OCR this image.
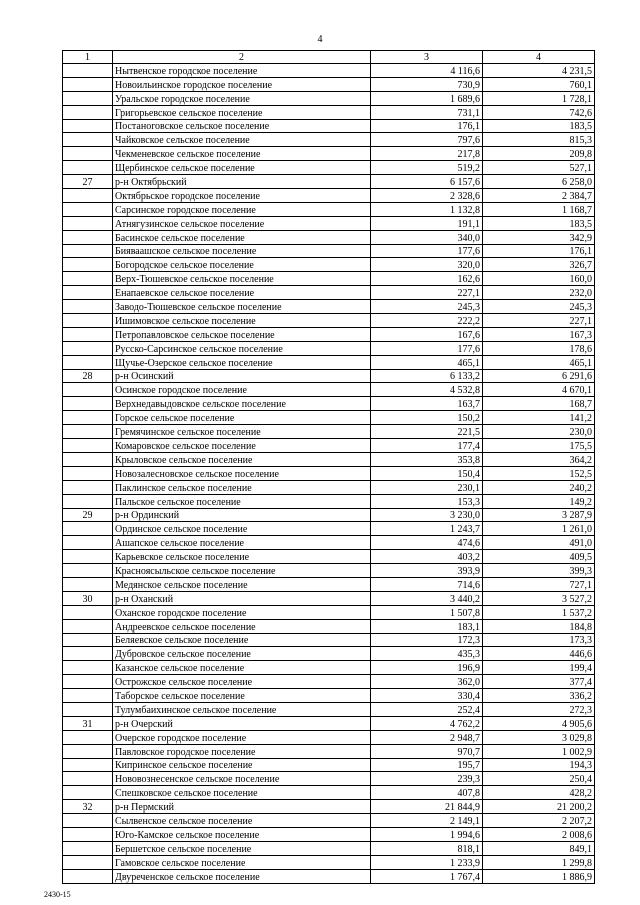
4
1	2	3	4
	Нытвенское городское поселение	4 116,6	4 231,5
	Новоильинское городское поселение	730,9	760,1
	Уральское городское поселение	1 689,6	1 728,1
	Григорьевское сельское поселение	731,1	742,6
	Постаноговское сельское поселение	176,1	183,5
	Чайковское сельское поселение	797,6	815,3
	Чекменевское сельское поселение	217,8	209,8
	Щербинское сельское поселение	519,2	527,1
27	р-н Октябрьский	6 157,6	6 258,0
	Октябрьское городское поселение	2 328,6	2 384,7
	Сарсинское городское поселение	1 132,8	1 168,7
	Атнягузинское сельское поселение	191,1	183,5
	Басинское сельское поселение	340,0	342,9
	Бияваашское сельское поселение	177,6	176,1
	Богородское сельское поселение	320,0	326,7
	Верх-Тюшевское сельское поселение	162,6	160,0
	Енапаевское сельское поселение	227,1	232,0
	Заводо-Тюшевское сельское поселение	245,3	245,3
	Ишимовское сельское поселение	222,2	227,1
	Петропавловское сельское поселение	167,6	167,3
	Русско-Сарсинское сельское поселение	177,6	178,6
	Щучье-Озерское сельское поселение	465,1	465,1
28	р-н Осинский	6 133,2	6 291,6
	Осинское городское поселение	4 532,8	4 670,1
	Верхнедавыдовское сельское поселение	163,7	168,7
	Горское сельское поселение	150,2	141,2
	Гремячинское сельское поселение	221,5	230,0
	Комаровское сельское поселение	177,4	175,5
	Крыловское сельское поселение	353,8	364,2
	Новозалесновское сельское поселение	150,4	152,5
	Паклинское сельское поселение	230,1	240,2
	Пальское сельское поселение	153,3	149,2
29	р-н Ординский	3 230,0	3 287,9
	Ординское сельское поселение	1 243,7	1 261,0
	Ашапское сельское поселение	474,6	491,0
	Карьевское сельское поселение	403,2	409,5
	Красноясыльское сельское поселение	393,9	399,3
	Медянское сельское поселение	714,6	727,1
30	р-н Оханский	3 440,2	3 527,2
	Оханское городское поселение	1 507,8	1 537,2
	Андреевское сельское поселение	183,1	184,8
	Беляевское сельское поселение	172,3	173,3
	Дубровское сельское поселение	435,3	446,6
	Казанское сельское поселение	196,9	199,4
	Острожское сельское поселение	362,0	377,4
	Таборское сельское поселение	330,4	336,2
	Тулумбаихинское сельское поселение	252,4	272,3
31	р-н Очерский	4 762,2	4 905,6
	Очерское городское поселение	2 948,7	3 029,8
	Павловское городское поселение	970,7	1 002,9
	Кипринское сельское поселение	195,7	194,3
	Нововознесенское сельское поселение	239,3	250,4
	Спешковское сельское поселение	407,8	428,2
32	р-н Пермский	21 844,9	21 200,2
	Сылвенское сельское поселение	2 149,1	2 207,2
	Юго-Камское сельское поселение	1 994,6	2 008,6
	Бершетское сельское поселение	818,1	849,1
	Гамовское сельское поселение	1 233,9	1 299,8
	Двуреченское сельское поселение	1 767,4	1 886,9
2430-15
